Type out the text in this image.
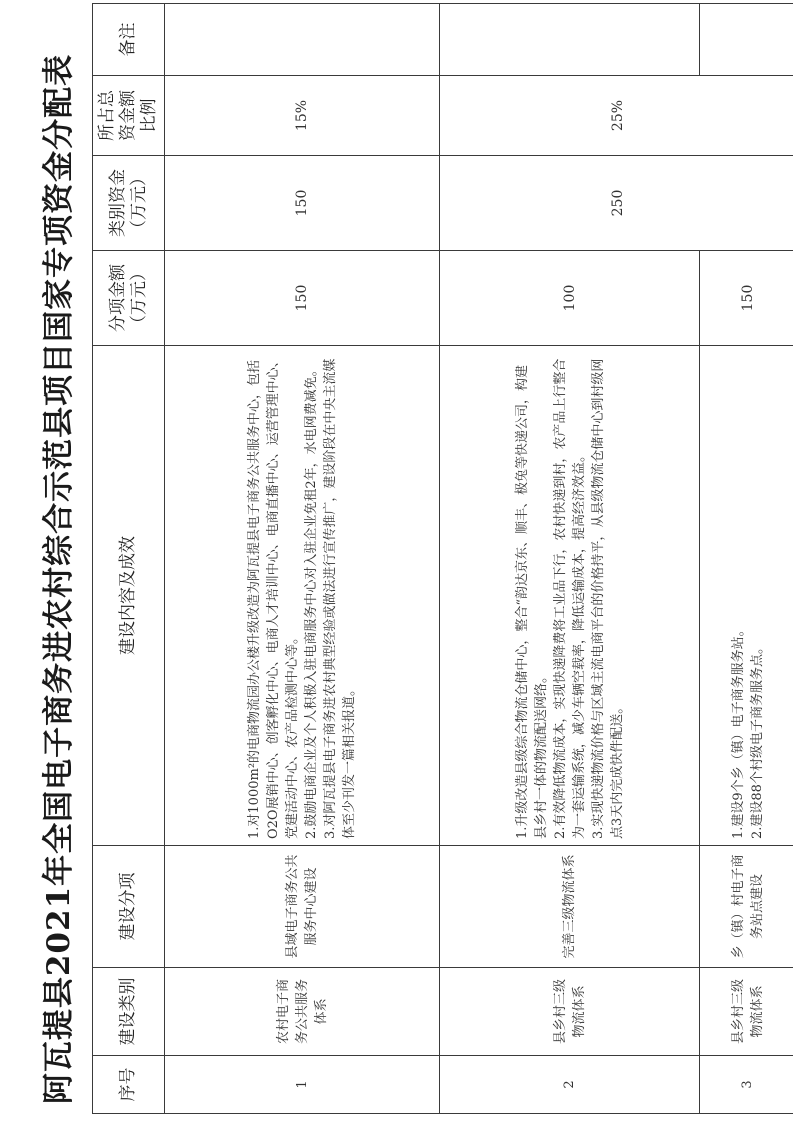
阿瓦提县2021年全国电子商务进农村综合示范县项目国家专项资金分配表	序号	建设类别	建设分项	建设内容及成效	分项金额（万元）	类别资金（万元）	所占总资金额比例	备注
1	农村电子商务公共服务体系	县域电子商务公共服务中心建设	1.对1000m²的电商物流园办公楼升级改造为阿瓦提县电子商务公共服务中心，包括O2O展销中心、创客孵化中心、电商人才培训中心、电商直播中心、运营管理中心、党建活动中心、农产品检测中心等。 2.鼓励电商企业及个人积极入驻电商服务中心对入驻企业免租2年，水电网费减免。 3.对阿瓦提县电子商务进农村典型经验或做法进行宣传推广，建设阶段在中央主流媒体至少刊发一篇相关报道。	150	150	15%	
2	县乡村三级物流体系	完善三级物流体系	1.升级改造县级综合物流仓储中心，整合“韵达京东、顺丰、极兔等快递公司，构建县乡村一体的物流配送网络。 2.有效降低物流成本，实现快递降费将工业品下行，农村快递到村，农产品上行整合为一套运输系统，减少车辆空载率，降低运输成本，提高经济效益。 3.实现快递物流价格与区域主流电商平台的价格持平，从县级物流仓储中心到村级网点3天内完成快件配送。	100	250	25%	
3	县乡村三级物流体系	乡（镇）村电子商务站点建设	1.建设9个乡（镇）电子商务服务站。 2.建设88个村级电子商务服务点。	150			
